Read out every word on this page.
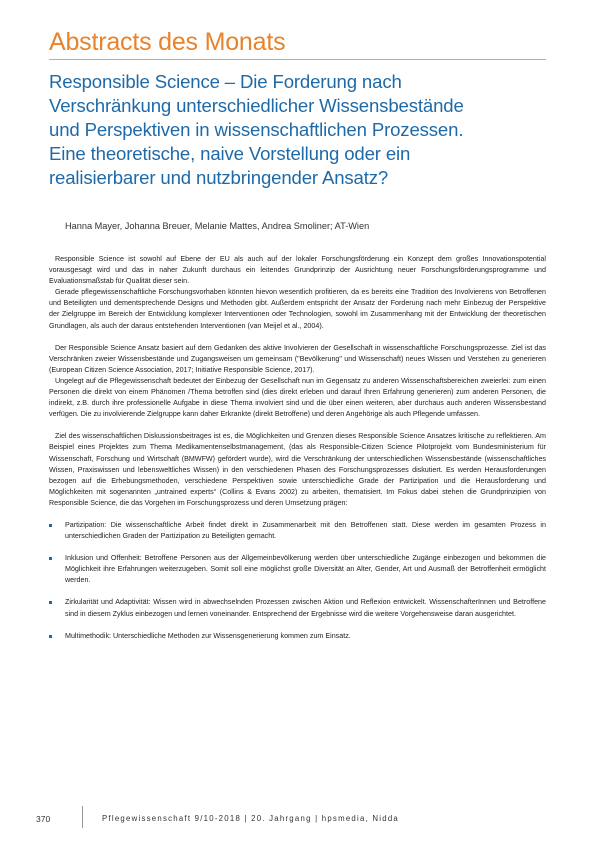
Abstracts des Monats
Responsible Science – Die Forderung nach
Verschränkung unterschiedlicher Wissensbestände
und Perspektiven in wissenschaftlichen Prozessen.
Eine theoretische, naive Vorstellung oder ein
realisierbarer und nutzbringender Ansatz?
Hanna Mayer, Johanna Breuer, Melanie Mattes, Andrea Smoliner; AT-Wien

Responsible Science ist sowohl auf Ebene der EU als auch auf der lokaler Forschungsförderung ein Konzept dem großes Innovationspotential vorausgesagt wird und das in naher Zukunft durchaus ein leitendes Grundprinzip der Ausrichtung neuer Forschungsförderungsprogramme und Evaluationsmaßstab für Qualität dieser sein.

Gerade pflegewissenschaftliche Forschungsvorhaben könnten hievon wesentlich profitieren, da es bereits eine Tradition des Involvierens von Betroffenen und Beteiligten und dementsprechende Designs und Methoden gibt. Außerdem entspricht der Ansatz der Forderung nach mehr Einbezug der Perspektive der Zielgruppe im Bereich der Entwicklung komplexer Interventionen oder Technologien, sowohl im Zusammenhang mit der Entwicklung der theoretischen Grundlagen, als auch der daraus entstehenden Interventionen (van Meijel et al., 2004).

Der Responsible Science Ansatz basiert auf dem Gedanken des aktive Involvieren der Gesellschaft in wissenschaftliche Forschungsprozesse. Ziel ist das Verschränken zweier Wissensbestände und Zugangsweisen um gemeinsam ("Bevölkerung" und Wissenschaft) neues Wissen und Verstehen zu generieren (European Citizen Science Association, 2017; Initiative Responsible Science, 2017).

Ungelegt auf die Pflegewissenschaft bedeutet der Einbezug der Gesellschaft nun im Gegensatz zu anderen Wissenschaftsbereichen zweierlei: zum einen Personen die direkt von einem Phänomen /Thema betroffen sind (dies direkt erleben und darauf Ihren Erfahrung generieren) zum anderen Personen, die indirekt, z.B. durch ihre professionelle Aufgabe in diese Thema involviert sind und die über einen weiteren, aber durchaus auch anderen Wissensbestand verfügen. Die zu involvierende Zielgruppe kann daher Erkrankte (direkt Betroffene) und deren Angehörige als auch Pflegende umfassen.

Ziel des wissenschaftlichen Diskussionsbeitrages ist es, die Möglichkeiten und Grenzen dieses Responsible Science Ansatzes kritische zu reflektieren. Am Beispiel eines Projektes zum Thema Medikamentenselbstmanagement, (das als Responsible-Citizen Science Pilotprojekt vom Bundesministerium für Wissenschaft, Forschung und Wirtschaft (BMWFW) gefördert wurde), wird die Verschränkung der unterschiedlichen Wissensbestände (wissenschaftliches Wissen, Praxiswissen und lebensweltliches Wissen) in den verschiedenen Phasen des Forschungsprozesses diskutiert. Es werden Herausforderungen bezogen auf die Erhebungsmethoden, verschiedene Perspektiven sowie unterschiedliche Grade der Partizipation und die Herausforderung und Möglichkeiten mit sogenannten „untrained experts“ (Collins & Evans 2002) zu arbeiten, thematisiert. Im Fokus dabei stehen die Grundprinzipien von Responsible Science, die das Vorgehen im Forschungsprozess und deren Umsetzung prägen:

Partizipation: Die wissenschaftliche Arbeit findet direkt in Zusammenarbeit mit den Betroffenen statt. Diese werden im gesamten Prozess in unterschiedlichen Graden der Partizipation zu Beteiligten gemacht.
Inklusion und Offenheit: Betroffene Personen aus der Allgemeinbevölkerung werden über unterschiedliche Zugänge einbezogen und bekommen die Möglichkeit ihre Erfahrungen weiterzugeben. Somit soll eine möglichst große Diversität an Alter, Gender, Art und Ausmaß der Betroffenheit ermöglicht werden.
Zirkularität und Adaptivität: Wissen wird in abwechselnden Prozessen zwischen Aktion und Reflexion entwickelt. WissenschafterInnen und Betroffene sind in diesem Zyklus einbezogen und lernen voneinander. Entsprechend der Ergebnisse wird die weitere Vorgehensweise daran ausgerichtet.
Multimethodik: Unterschiedliche Methoden zur Wissensgenerierung kommen zum Einsatz.
370	Pflegewissenschaft 9/10-2018 | 20. Jahrgang | hpsmedia, Nidda
